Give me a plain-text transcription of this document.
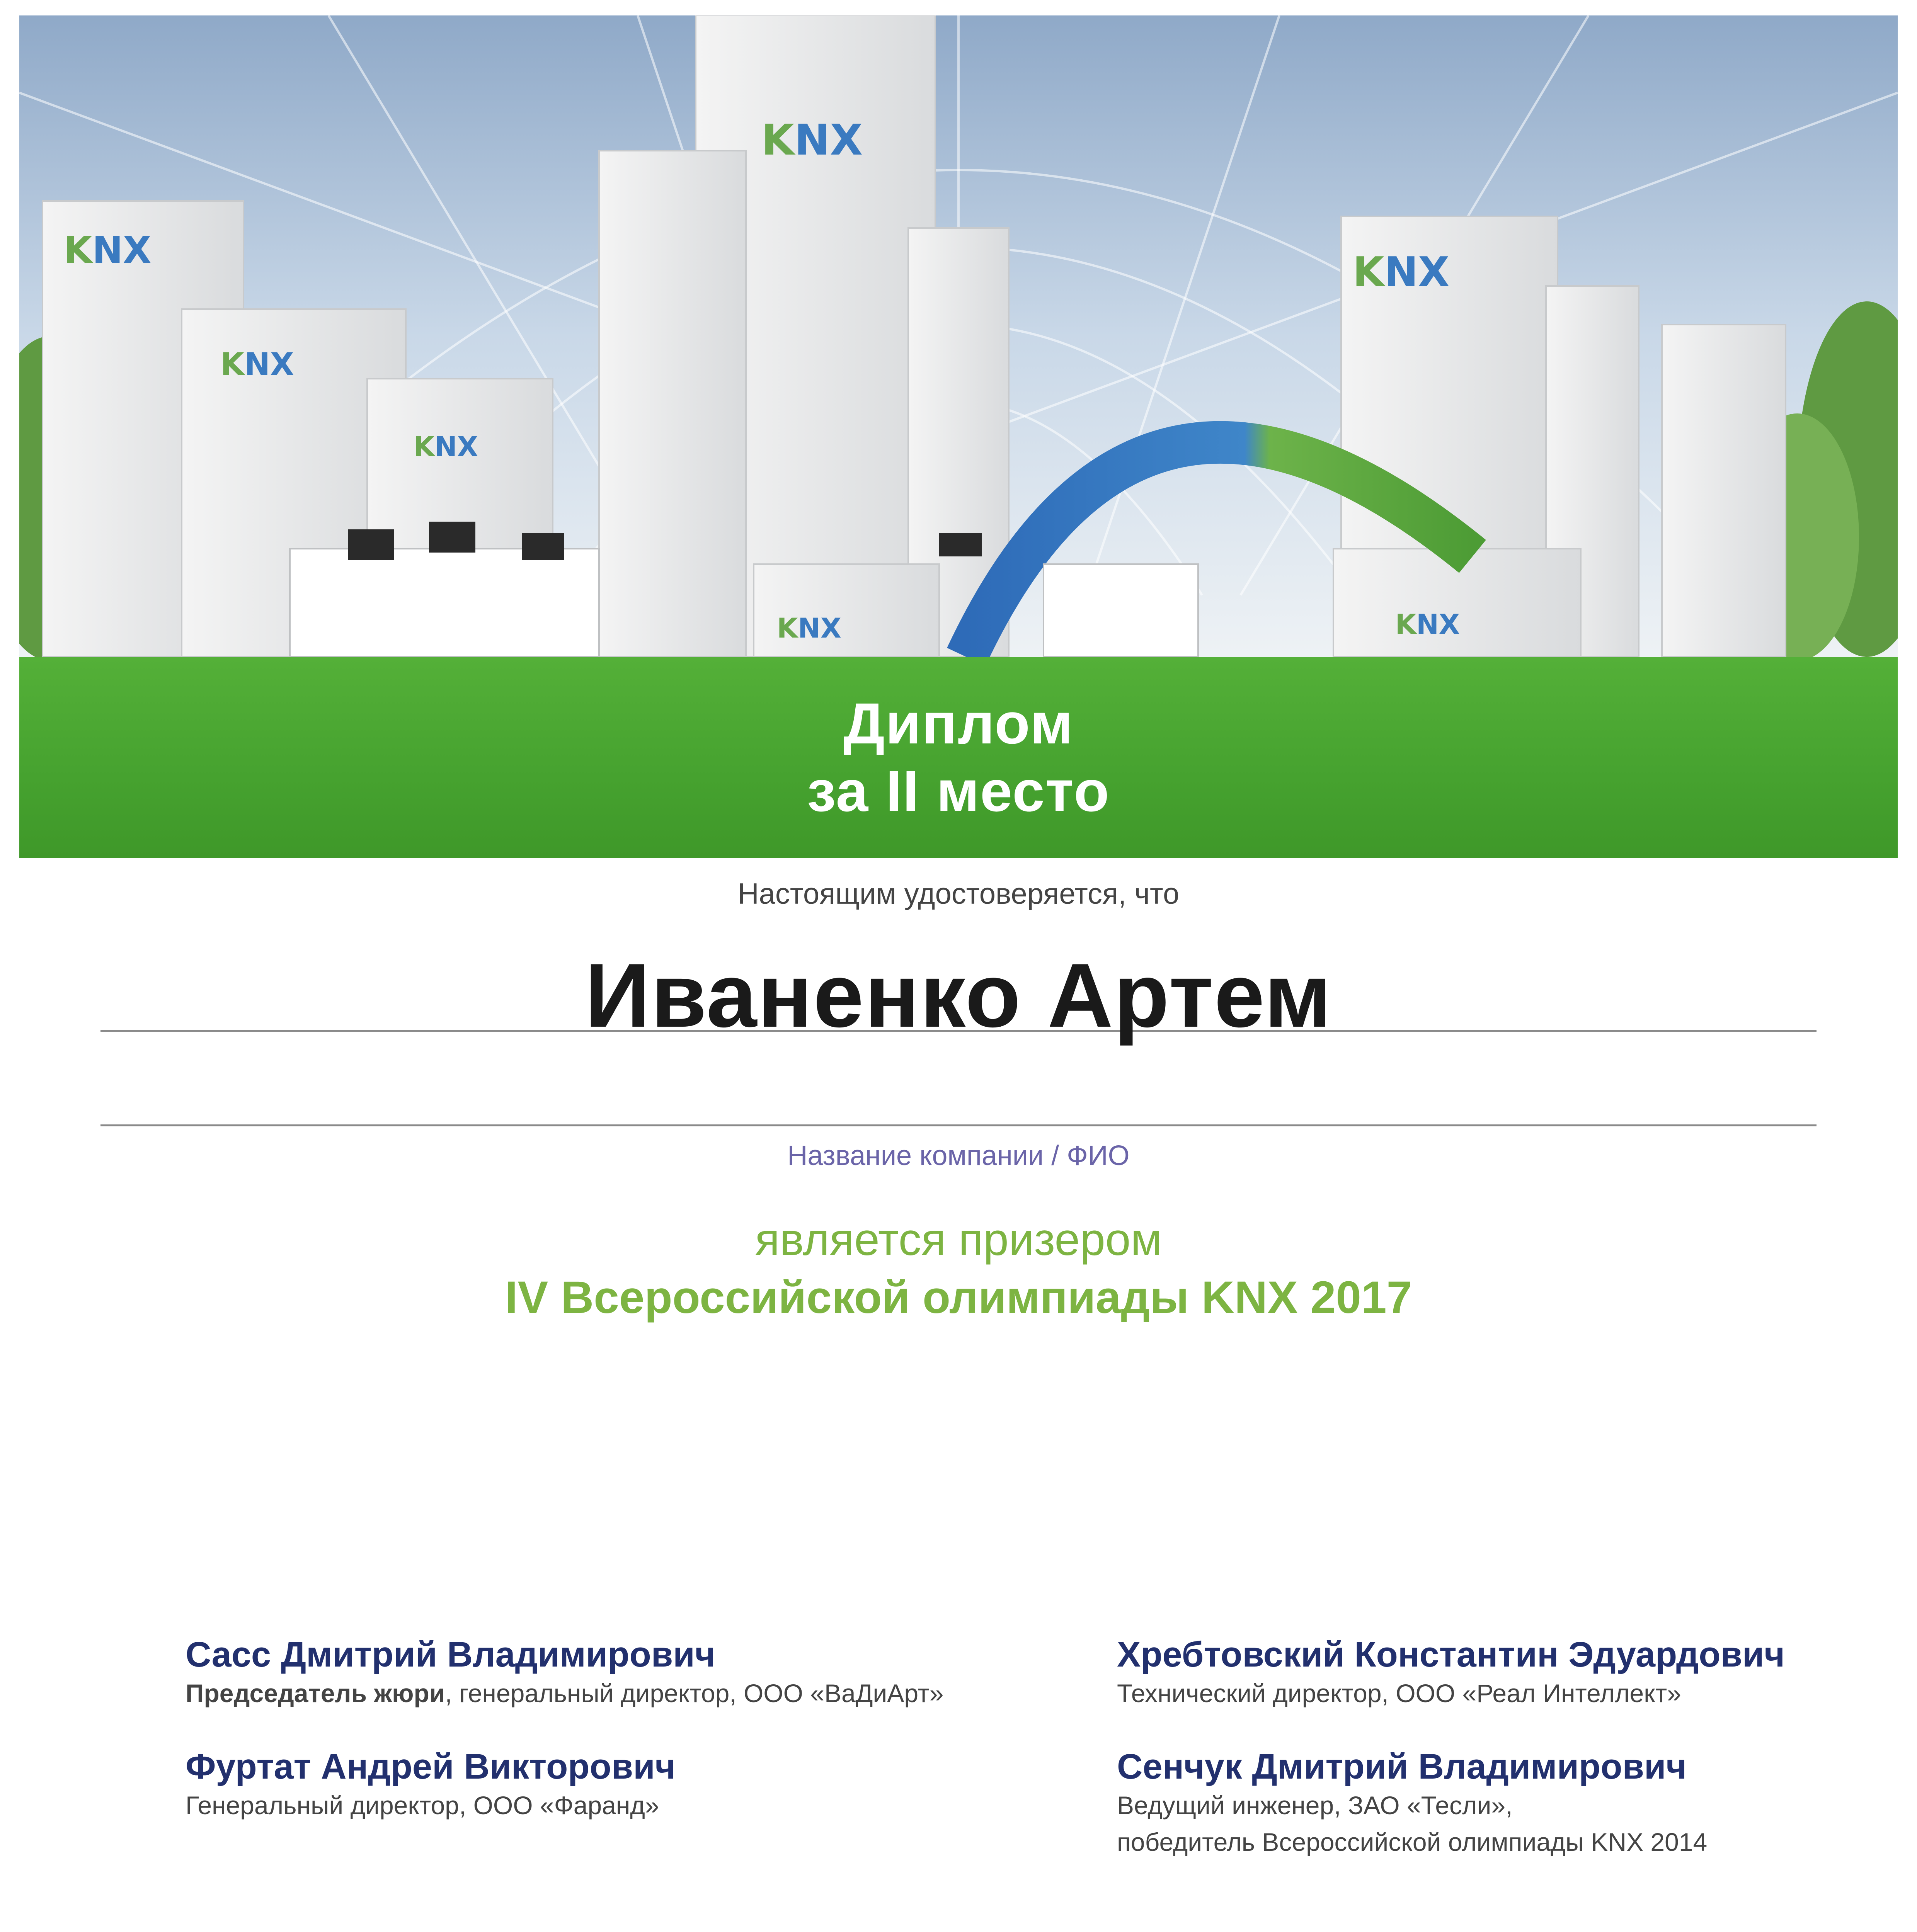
KNX
KNX
KNX
KNX
KNX
KNX	KNX
Диплом
за II место
Настоящим удостоверяется, что
Иваненко Артем
Название компании / ФИО
является призером
IV Всероссийской олимпиады KNX 2017
Сасс Дмитрий Владимирович
Председатель жюри, генеральный директор, ООО «ВаДиАрт»
Фуртат Андрей Викторович
Генеральный директор, ООО «Фаранд»
Хребтовский Константин Эдуардович
Технический директор, ООО «Реал Интеллект»
Сенчук Дмитрий Владимирович
Ведущий инженер, ЗАО «Тесли»,
победитель Всероссийской олимпиады KNX 2014
